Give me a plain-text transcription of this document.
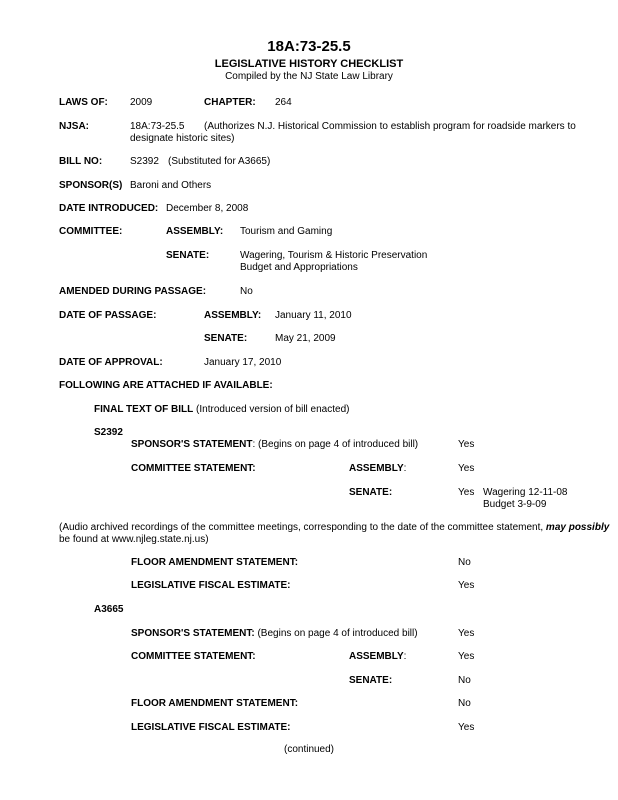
18A:73-25.5
LEGISLATIVE HISTORY CHECKLIST
Compiled by the NJ State Law Library
LAWS OF: 2009	CHAPTER: 264
NJSA:	18A:73-25.5 (Authorizes N.J. Historical Commission to establish program for roadside markers to
designate historic sites)
BILL NO:	S2392 (Substituted for A3665)
SPONSOR(S) Baroni and Others
DATE INTRODUCED: December 8, 2008
COMMITTEE:	ASSEMBLY: Tourism and Gaming
SENATE:	Wagering, Tourism & Historic Preservation
Budget and Appropriations
AMENDED DURING PASSAGE:	No
DATE OF PASSAGE:	ASSEMBLY: January 11, 2010
SENATE:	May 21, 2009
DATE OF APPROVAL:	January 17, 2010
FOLLOWING ARE ATTACHED IF AVAILABLE:
FINAL TEXT OF BILL (Introduced version of bill enacted)
S2392
SPONSOR'S STATEMENT: (Begins on page 4 of introduced bill)	Yes
COMMITTEE STATEMENT:	ASSEMBLY:	Yes
SENATE:	Yes Wagering 12-11-08
Budget 3-9-09
(Audio archived recordings of the committee meetings, corresponding to the date of the committee statement, may possibly
be found at www.njleg.state.nj.us)
FLOOR AMENDMENT STATEMENT:	No
LEGISLATIVE FISCAL ESTIMATE:	Yes
A3665
SPONSOR'S STATEMENT: (Begins on page 4 of introduced bill)	Yes
COMMITTEE STATEMENT:	ASSEMBLY:	Yes
SENATE:	No
FLOOR AMENDMENT STATEMENT:	No
LEGISLATIVE FISCAL ESTIMATE:	Yes
(continued)
